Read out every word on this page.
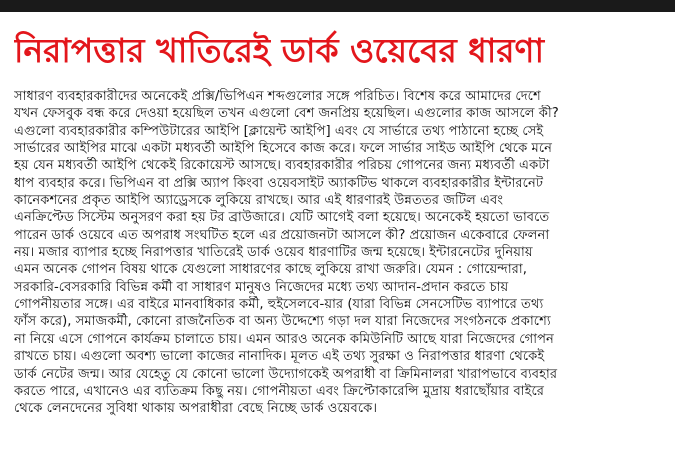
নিরাপত্তার খাতিরেই ডার্ক ওয়েবের ধারণা
সাধারণ ব্যবহারকারীদের অনেকেই প্রক্সি/ভিপিএন শব্দগুলোর সঙ্গে পরিচিত। বিশেষ করে আমাদের দেশে
যখন ফেসবুক বন্ধ করে দেওয়া হয়েছিল তখন এগুলো বেশ জনপ্রিয় হয়েছিল। এগুলোর কাজ আসলে কী?
এগুলো ব্যবহারকারীর কম্পিউটারের আইপি [ক্লায়েন্ট আইপি] এবং যে সার্ভারে তথ্য পাঠানো হচ্ছে সেই
সার্ভারের আইপির মাঝে একটা মধ্যবর্তী আইপি হিসেবে কাজ করে। ফলে সার্ভার সাইড আইপি থেকে মনে
হয় যেন মধ্যবর্তী আইপি থেকেই রিকোয়েস্ট আসছে। ব্যবহারকারীর পরিচয় গোপনের জন্য মধ্যবর্তী একটা
ধাপ ব্যবহার করে। ভিপিএন বা প্রক্সি অ্যাপ কিংবা ওয়েবসাইট অ্যাকটিভ থাকলে ব্যবহারকারীর ইন্টারনেট
কানেকশনের প্রকৃত আইপি অ্যাড্রেসকে লুকিয়ে রাখছে। আর এই ধারণারই উন্নততর জটিল এবং
এনক্রিপ্টেড সিস্টেম অনুসরণ করা হয় টর ব্রাউজারে। যেটি আগেই বলা হয়েছে। অনেকেই হয়তো ভাবতে
পারেন ডার্ক ওয়েবে এত অপরাধ সংঘটিত হলে এর প্রয়োজনটা আসলে কী? প্রয়োজন একেবারে ফেলনা
নয়। মজার ব্যাপার হচ্ছে নিরাপত্তার খাতিরেই ডার্ক ওয়েব ধারণাটির জন্ম হয়েছে। ইন্টারনেটের দুনিয়ায়
এমন অনেক গোপন বিষয় থাকে যেগুলো সাধারণের কাছে লুকিয়ে রাখা জরুরি। যেমন : গোয়েন্দারা,
সরকারি-বেসরকারি বিভিন্ন কর্মী বা সাধারণ মানুষও নিজেদের মধ্যে তথ্য আদান-প্রদান করতে চায়
গোপনীয়তার সঙ্গে। এর বাইরে মানবাধিকার কর্মী, হুইসেলবে-য়ার (যারা বিভিন্ন সেনসেটিভ ব্যাপারে তথ্য
ফাঁস করে), সমাজকর্মী, কোনো রাজনৈতিক বা অন্য উদ্দেশ্যে গড়া দল যারা নিজেদের সংগঠনকে প্রকাশ্যে
না নিয়ে এসে গোপনে কার্যক্রম চালাতে চায়। এমন আরও অনেক কমিউনিটি আছে যারা নিজেদের গোপন
রাখতে চায়। এগুলো অবশ্য ভালো কাজের নানাদিক। মূলত এই তথ্য সুরক্ষা ও নিরাপত্তার ধারণা থেকেই
ডার্ক নেটের জন্ম। আর যেহেতু যে কোনো ভালো উদ্যোগকেই অপরাধী বা ক্রিমিনালরা খারাপভাবে ব্যবহার
করতে পারে, এখানেও এর ব্যতিক্রম কিছু নয়। গোপনীয়তা এবং ক্রিপ্টোকারেন্সি মুদ্রায় ধরাছোঁয়ার বাইরে
থেকে লেনদেনের সুবিধা থাকায় অপরাধীরা বেছে নিচ্ছে ডার্ক ওয়েবকে।
